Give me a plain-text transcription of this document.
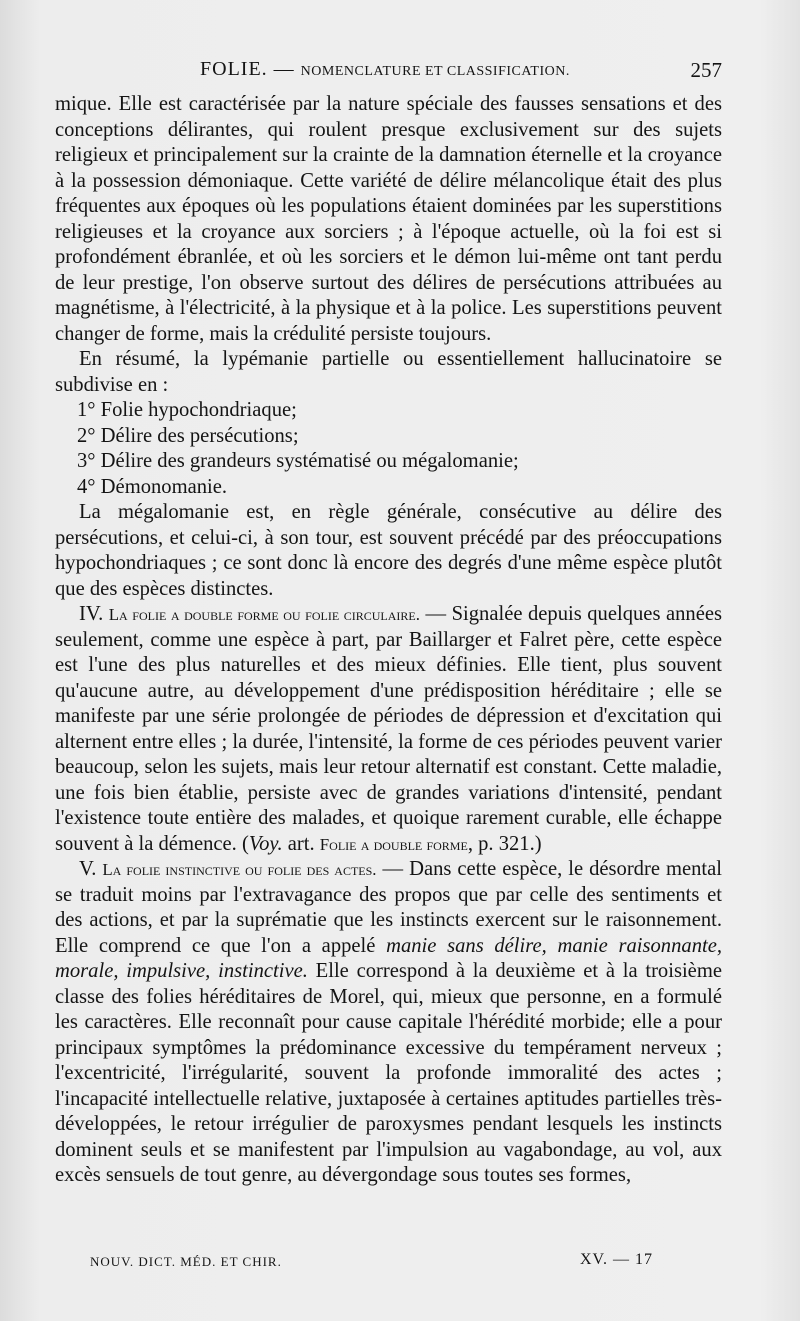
FOLIE. — NOMENCLATURE ET CLASSIFICATION.	257

mique. Elle est caractérisée par la nature spéciale des fausses sensations et des conceptions délirantes, qui roulent presque exclusivement sur des sujets religieux et principalement sur la crainte de la damnation éternelle et la croyance à la possession démoniaque. Cette variété de délire mélancolique était des plus fréquentes aux époques où les populations étaient dominées par les superstitions religieuses et la croyance aux sorciers ; à l'époque actuelle, où la foi est si profondément ébranlée, et où les sorciers et le démon lui-même ont tant perdu de leur prestige, l'on observe surtout des délires de persécutions attribuées au magnétisme, à l'électricité, à la physique et à la police. Les superstitions peuvent changer de forme, mais la crédulité persiste toujours.

En résumé, la lypémanie partielle ou essentiellement hallucinatoire se subdivise en :

1° Folie hypochondriaque;

2° Délire des persécutions;

3° Délire des grandeurs systématisé ou mégalomanie;

4° Démonomanie.

La mégalomanie est, en règle générale, consécutive au délire des persécutions, et celui-ci, à son tour, est souvent précédé par des préoccupations hypochondriaques ; ce sont donc là encore des degrés d'une même espèce plutôt que des espèces distinctes.

IV. La folie a double forme ou folie circulaire. — Signalée depuis quelques années seulement, comme une espèce à part, par Baillarger et Falret père, cette espèce est l'une des plus naturelles et des mieux définies. Elle tient, plus souvent qu'aucune autre, au développement d'une prédisposition héréditaire ; elle se manifeste par une série prolongée de périodes de dépression et d'excitation qui alternent entre elles ; la durée, l'intensité, la forme de ces périodes peuvent varier beaucoup, selon les sujets, mais leur retour alternatif est constant. Cette maladie, une fois bien établie, persiste avec de grandes variations d'intensité, pendant l'existence toute entière des malades, et quoique rarement curable, elle échappe souvent à la démence. (Voy. art. Folie a double forme, p. 321.)

V. La folie instinctive ou folie des actes. — Dans cette espèce, le désordre mental se traduit moins par l'extravagance des propos que par celle des sentiments et des actions, et par la suprématie que les instincts exercent sur le raisonnement. Elle comprend ce que l'on a appelé manie sans délire, manie raisonnante, morale, impulsive, instinctive. Elle correspond à la deuxième et à la troisième classe des folies héréditaires de Morel, qui, mieux que personne, en a formulé les caractères. Elle reconnaît pour cause capitale l'hérédité morbide; elle a pour principaux symptômes la prédominance excessive du tempérament nerveux ; l'excentricité, l'irrégularité, souvent la profonde immoralité des actes ; l'incapacité intellectuelle relative, juxtaposée à certaines aptitudes partielles très-développées, le retour irrégulier de paroxysmes pendant lesquels les instincts dominent seuls et se manifestent par l'impulsion au vagabondage, au vol, aux excès sensuels de tout genre, au dévergondage sous toutes ses formes,

NOUV. DICT. MÉD. ET CHIR.	XV. — 17
